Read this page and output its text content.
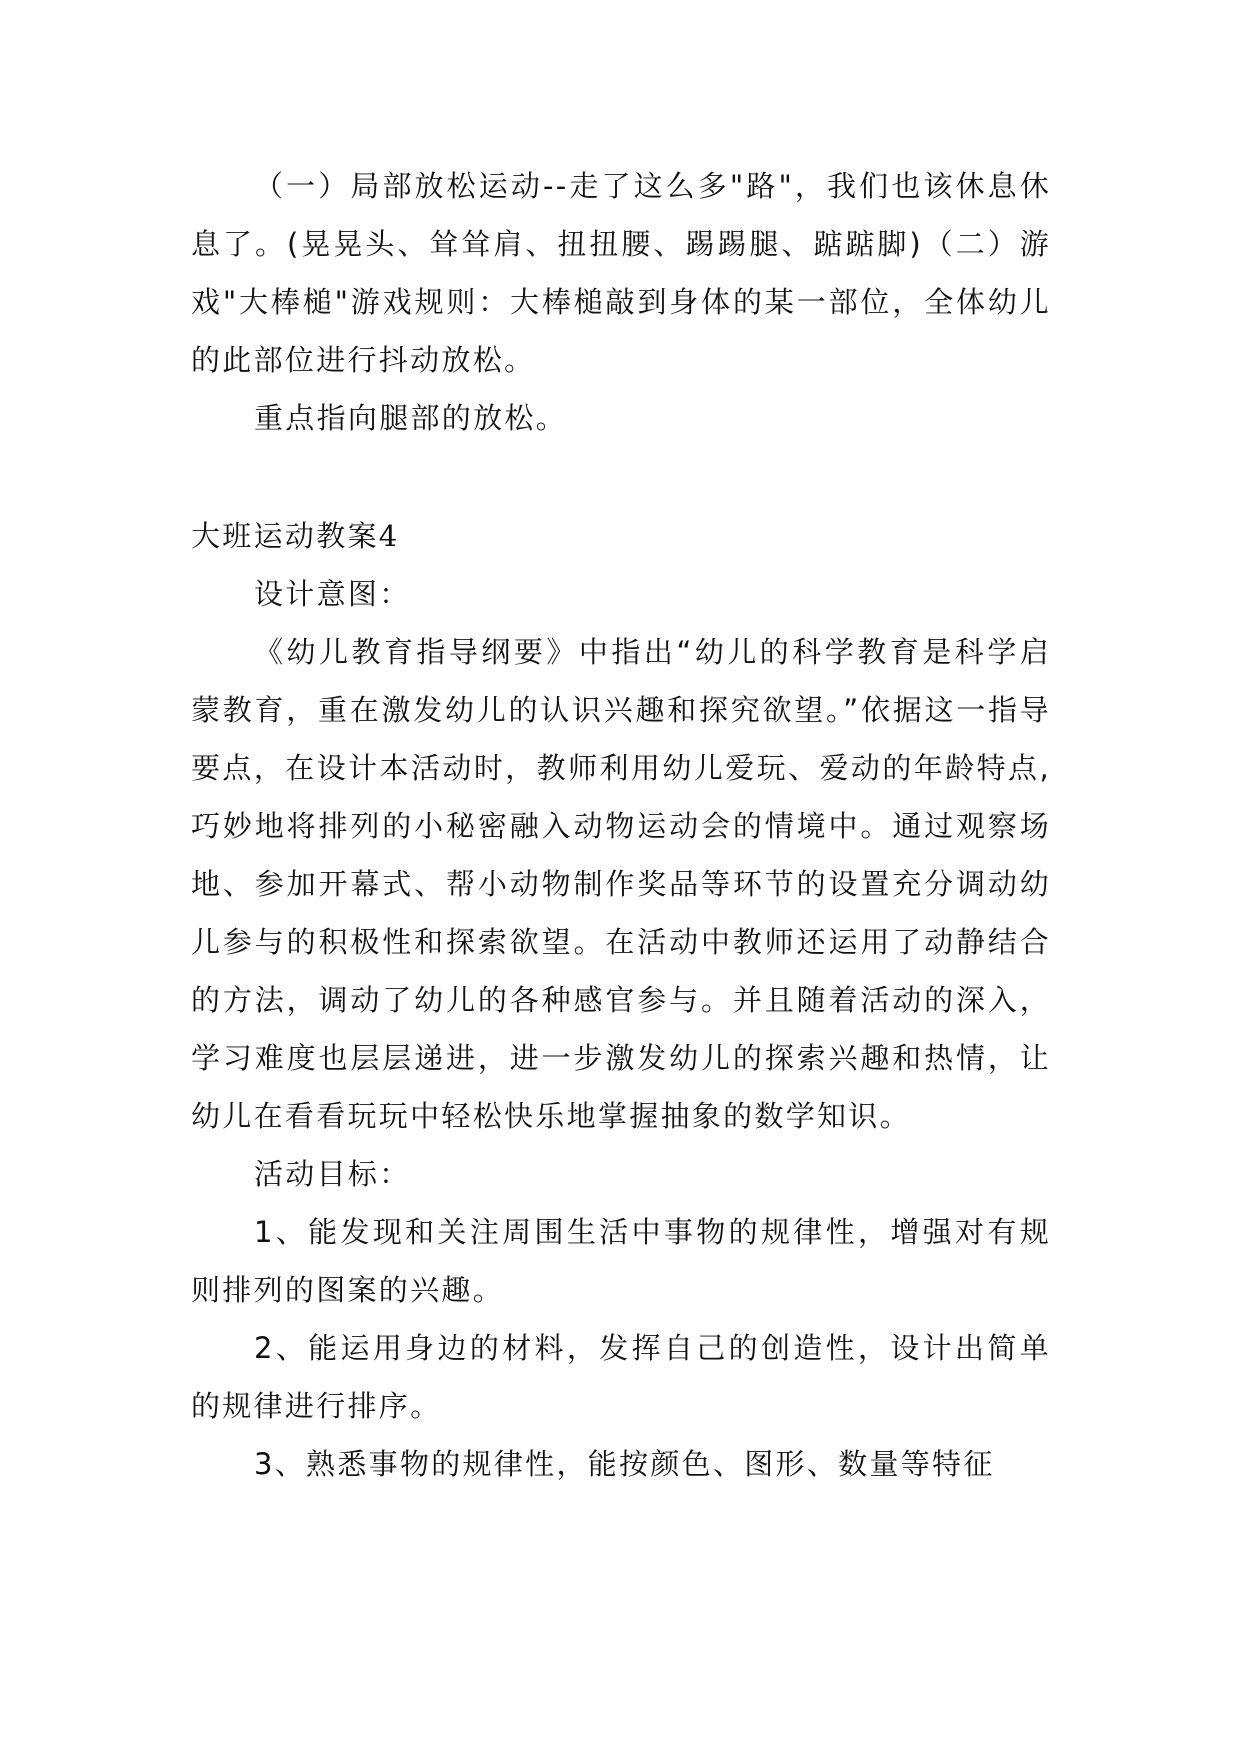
（一）局部放松运动--走了这么多"路"，我们也该休息休息了。(晃晃头、耸耸肩、扭扭腰、踢踢腿、踮踮脚)（二）游戏"大棒槌"游戏规则：大棒槌敲到身体的某一部位，全体幼儿的此部位进行抖动放松。

重点指向腿部的放松。

大班运动教案4

设计意图：

《幼儿教育指导纲要》中指出“幼儿的科学教育是科学启蒙教育，重在激发幼儿的认识兴趣和探究欲望。”依据这一指导要点，在设计本活动时，教师利用幼儿爱玩、爱动的年龄特点,巧妙地将排列的小秘密融入动物运动会的情境中。通过观察场地、参加开幕式、帮小动物制作奖品等环节的设置充分调动幼儿参与的积极性和探索欲望。在活动中教师还运用了动静结合的方法，调动了幼儿的各种感官参与。并且随着活动的深入，学习难度也层层递进，进一步激发幼儿的探索兴趣和热情，让幼儿在看看玩玩中轻松快乐地掌握抽象的数学知识。

活动目标：

1、能发现和关注周围生活中事物的规律性，增强对有规则排列的图案的兴趣。

2、能运用身边的材料，发挥自己的创造性，设计出简单的规律进行排序。

3、熟悉事物的规律性，能按颜色、图形、数量等特征
